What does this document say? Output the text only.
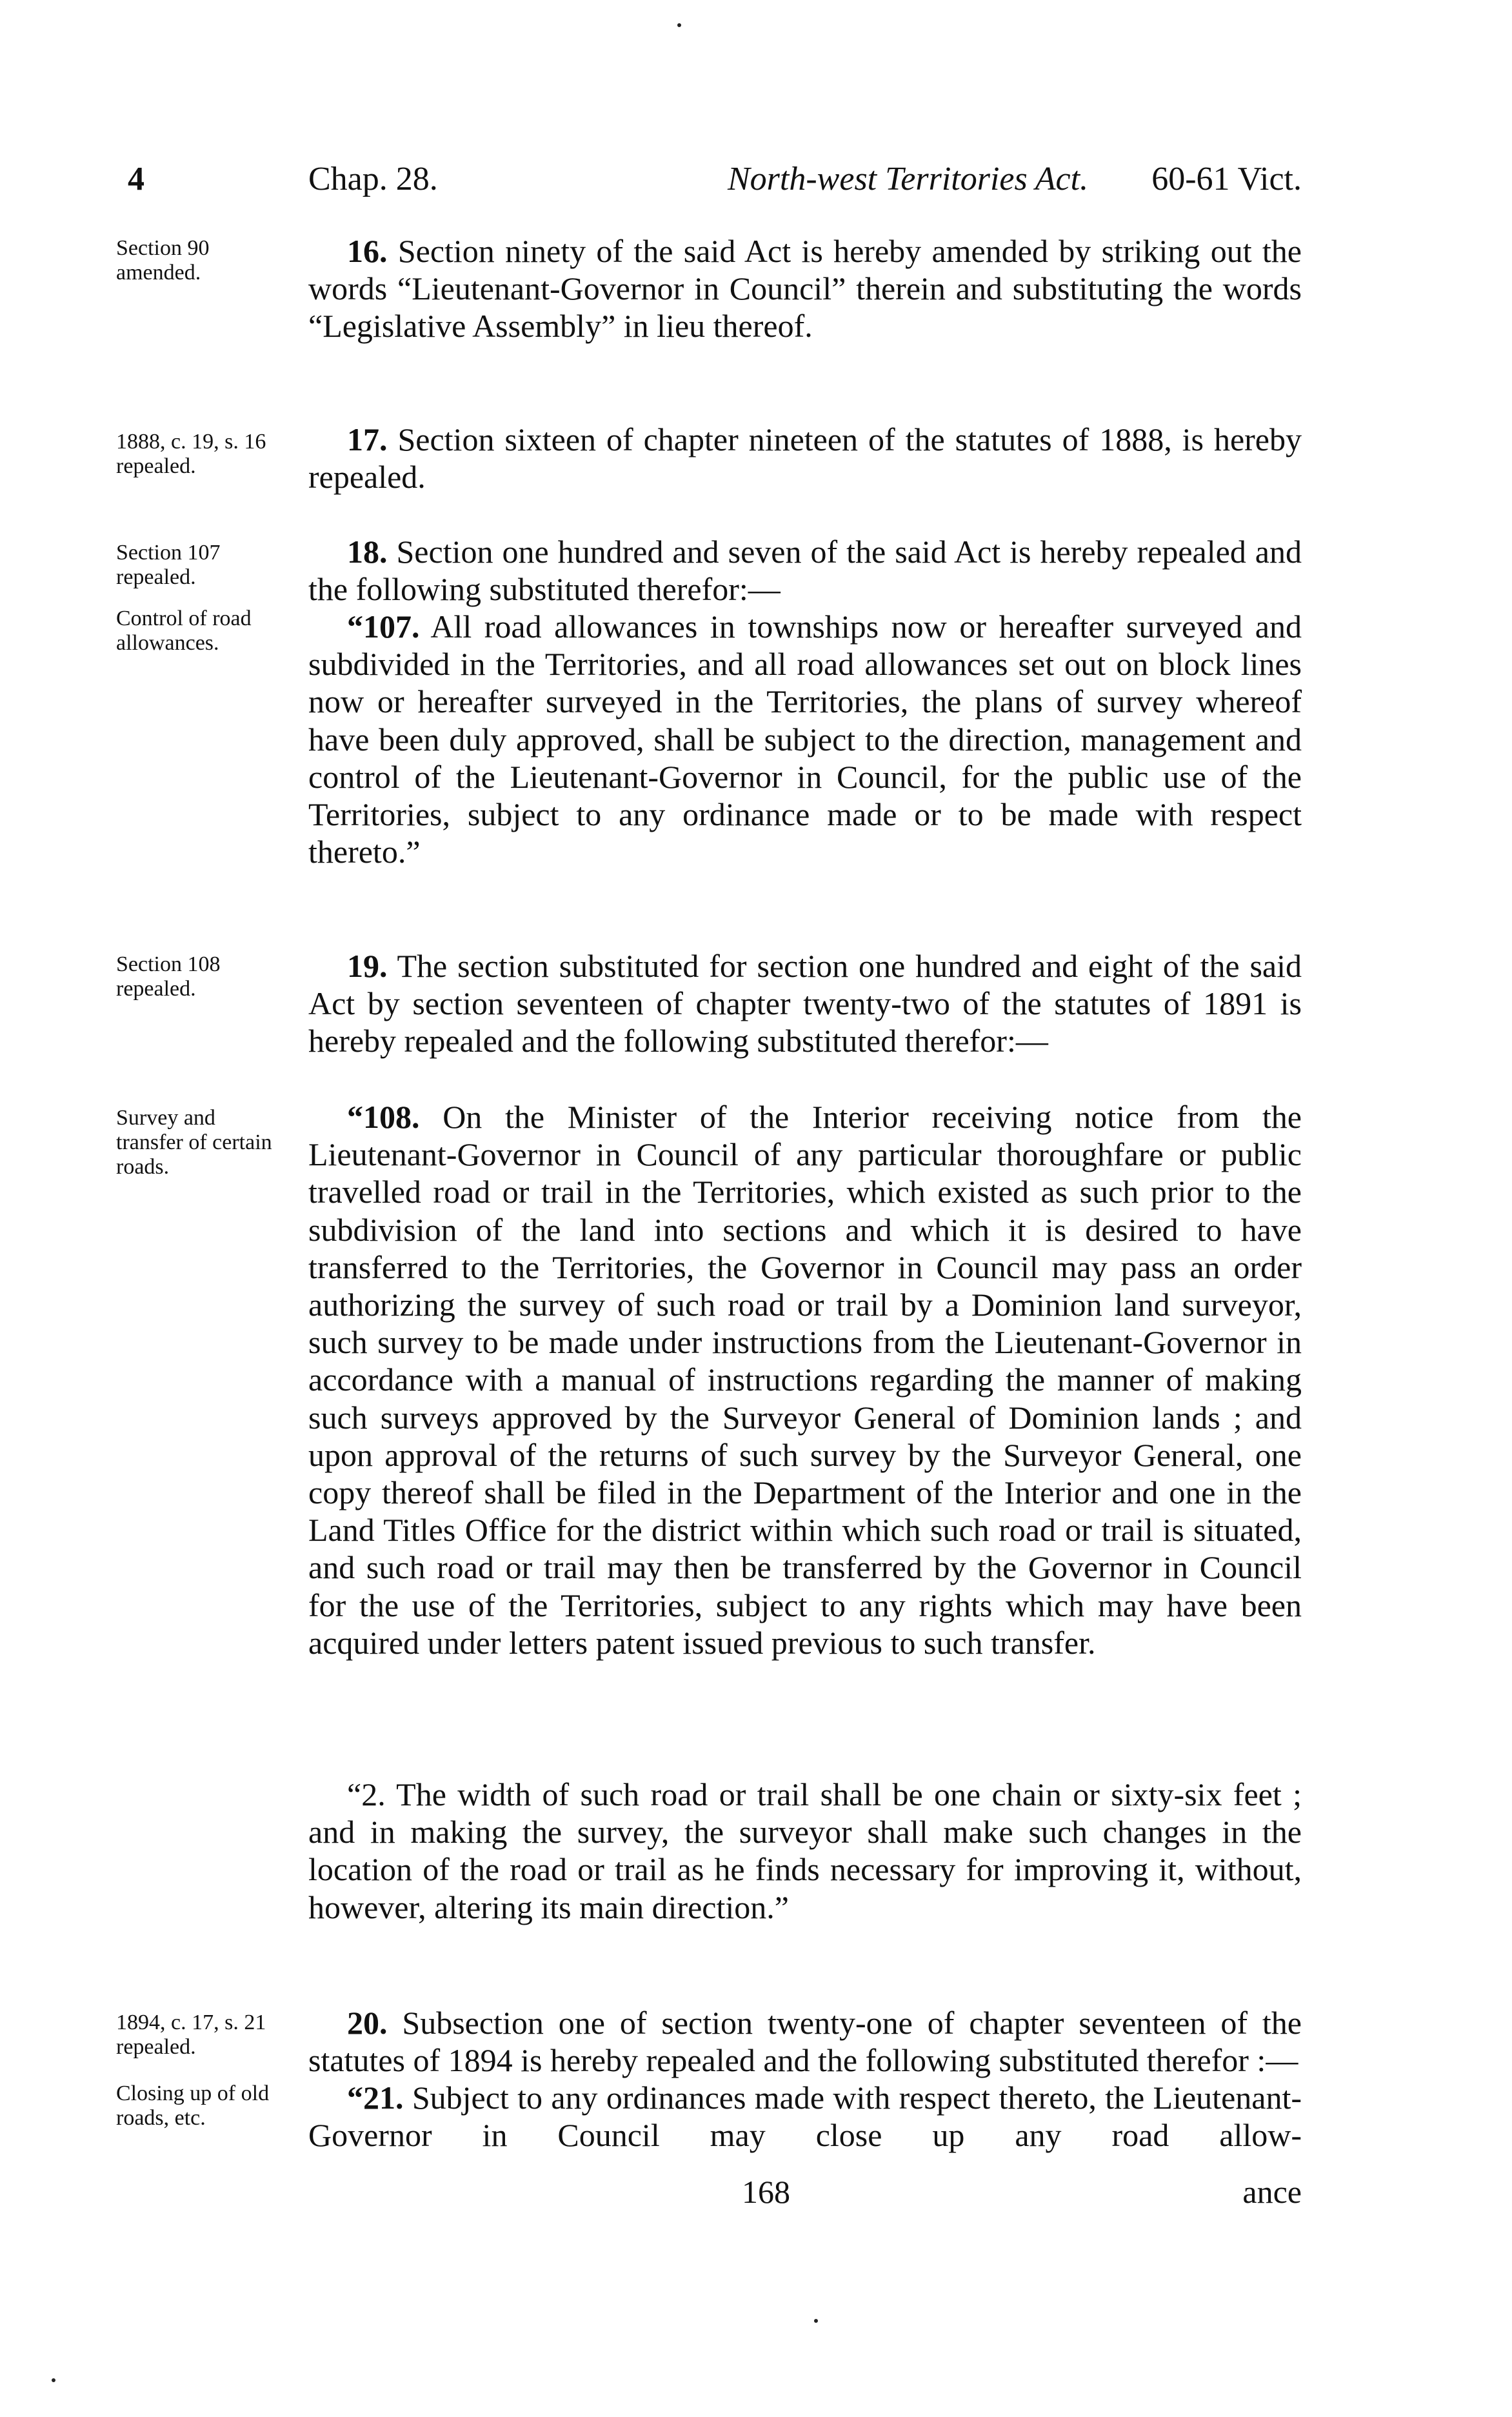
4	Chap. 28.	North-west Territories Act. 60-61 Vict.
Section 90 amended.
1888, c. 19, s. 16 repealed.
Section 107 repealed.
Control of road allowances.
Section 108 repealed.
Survey and transfer of certain roads.
1894, c. 17, s. 21 repealed.
Closing up of old roads, etc.
16. Section ninety of the said Act is hereby amended by striking out the words “Lieutenant-Governor in Council” therein and substituting the words “Legislative Assembly” in lieu thereof.
17. Section sixteen of chapter nineteen of the statutes of 1888, is hereby repealed.
18. Section one hundred and seven of the said Act is hereby repealed and the following substituted therefor:—
“107. All road allowances in townships now or hereafter surveyed and subdivided in the Territories, and all road allowances set out on block lines now or hereafter surveyed in the Territories, the plans of survey whereof have been duly approved, shall be subject to the direction, management and control of the Lieutenant-Governor in Council, for the public use of the Territories, subject to any ordinance made or to be made with respect thereto.”
19. The section substituted for section one hundred and eight of the said Act by section seventeen of chapter twenty-two of the statutes of 1891 is hereby repealed and the following substituted therefor:—
“108. On the Minister of the Interior receiving notice from the Lieutenant-Governor in Council of any particular thoroughfare or public travelled road or trail in the Territories, which existed as such prior to the subdivision of the land into sections and which it is desired to have transferred to the Territories, the Governor in Council may pass an order authorizing the survey of such road or trail by a Dominion land surveyor, such survey to be made under instructions from the Lieutenant-Governor in accordance with a manual of instructions regarding the manner of making such surveys approved by the Surveyor General of Dominion lands ; and upon approval of the returns of such survey by the Surveyor General, one copy thereof shall be filed in the Department of the Interior and one in the Land Titles Office for the district within which such road or trail is situated, and such road or trail may then be transferred by the Governor in Council for the use of the Territories, subject to any rights which may have been acquired under letters patent issued previous to such transfer.
“2. The width of such road or trail shall be one chain or sixty-six feet ; and in making the survey, the surveyor shall make such changes in the location of the road or trail as he finds necessary for improving it, without, however, altering its main direction.”
20. Subsection one of section twenty-one of chapter seventeen of the statutes of 1894 is hereby repealed and the following substituted therefor :—
“21. Subject to any ordinances made with respect thereto, the Lieutenant-Governor in Council may close up any road allow-
168	ance
